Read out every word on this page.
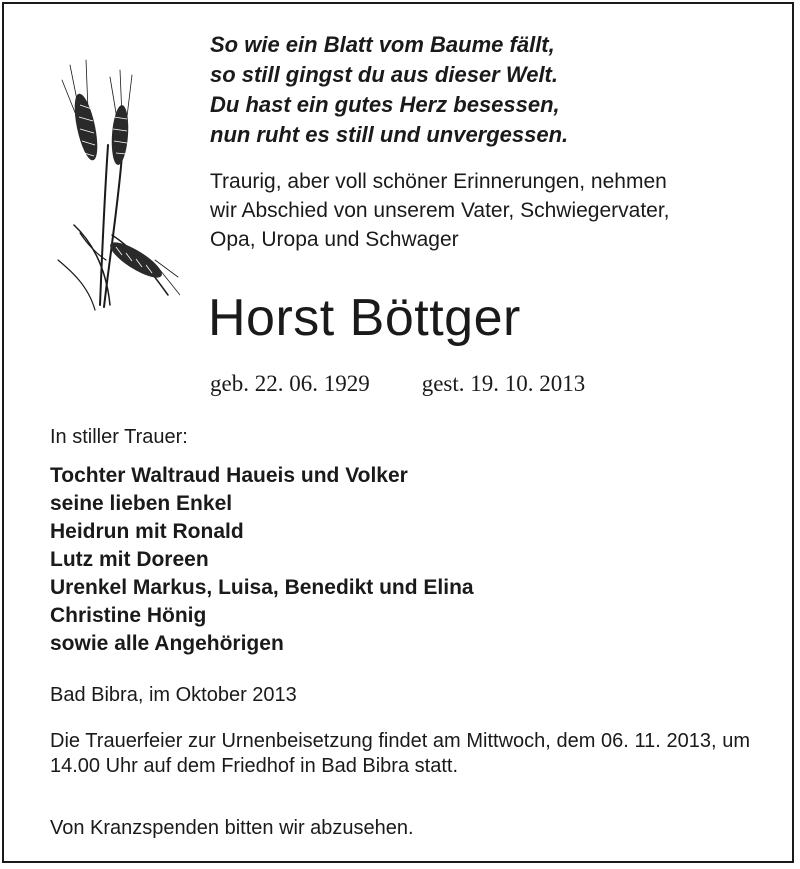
So wie ein Blatt vom Baume fällt,
so still gingst du aus dieser Welt.
Du hast ein gutes Herz besessen,
nun ruht es still und unvergessen.
Traurig, aber voll schöner Erinnerungen, nehmen
wir Abschied von unserem Vater, Schwiegervater,
Opa, Uropa und Schwager
Horst Böttger
geb. 22. 06. 1929 gest. 19. 10. 2013
In stiller Trauer:
Tochter Waltraud Haueis und Volker
seine lieben Enkel
Heidrun mit Ronald
Lutz mit Doreen
Urenkel Markus, Luisa, Benedikt und Elina
Christine Hönig
sowie alle Angehörigen
Bad Bibra, im Oktober 2013
Die Trauerfeier zur Urnenbeisetzung findet am Mittwoch, dem 06. 11. 2013, um 14.00 Uhr auf dem Friedhof in Bad Bibra statt.
Von Kranzspenden bitten wir abzusehen.
